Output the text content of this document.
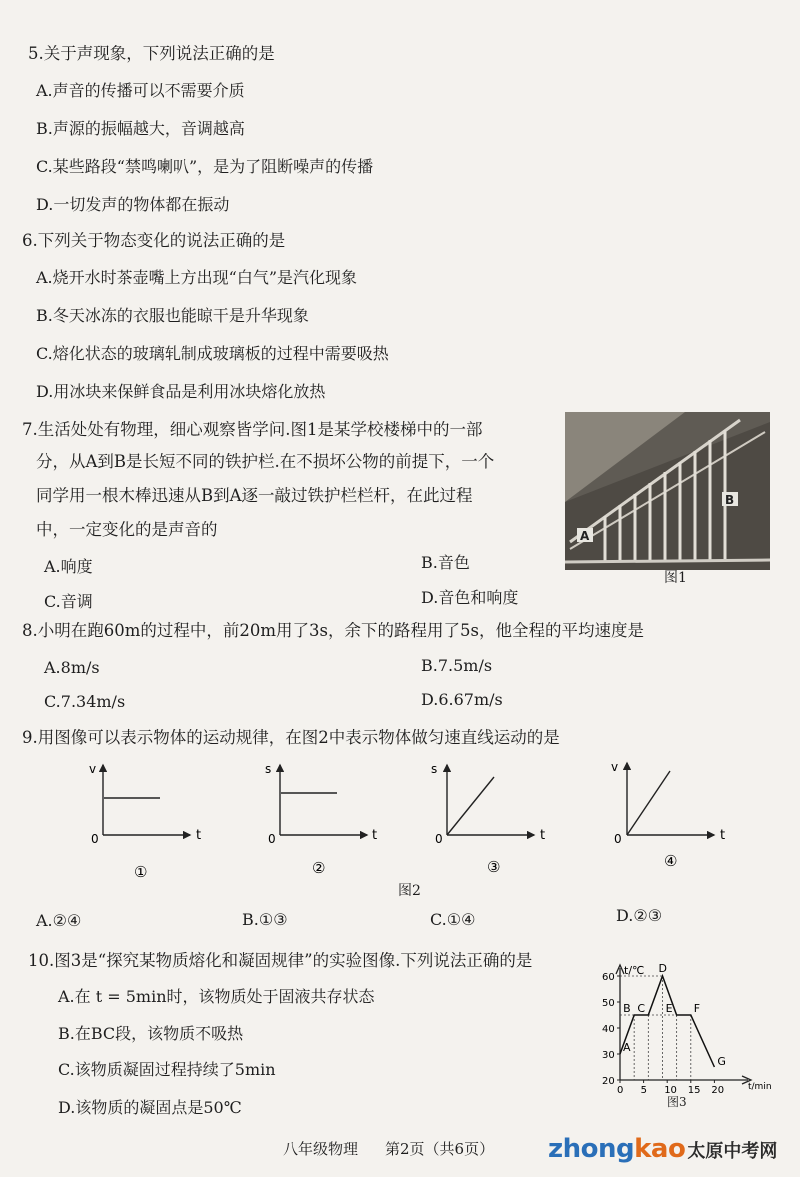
5.关于声现象，下列说法正确的是
A.声音的传播可以不需要介质
B.声源的振幅越大，音调越高
C.某些路段“禁鸣喇叭”，是为了阻断噪声的传播
D.一切发声的物体都在振动
6.下列关于物态变化的说法正确的是
A.烧开水时茶壶嘴上方出现“白气”是汽化现象
B.冬天冰冻的衣服也能晾干是升华现象
C.熔化状态的玻璃轧制成玻璃板的过程中需要吸热
D.用冰块来保鲜食品是利用冰块熔化放热
7.生活处处有物理，细心观察皆学问.图1是某学校楼梯中的一部
分，从A到B是长短不同的铁护栏.在不损坏公物的前提下，一个
同学用一根木棒迅速从B到A逐一敲过铁护栏栏杆，在此过程
中，一定变化的是声音的
A.响度	B.音色
C.音调	D.音色和响度
A
B
图1
8.小明在跑60m的过程中，前20m用了3s，余下的路程用了5s，他全程的平均速度是
A.8m/s	B.7.5m/s
C.7.34m/s	D.6.67m/s
9.用图像可以表示物体的运动规律，在图2中表示物体做匀速直线运动的是
v
t
0
①
s
t
0
②
s
t
0
③
v
t
0
④
图2
A.②④	B.①③	C.①④	D.②③
10.图3是“探究某物质熔化和凝固规律”的实验图像.下列说法正确的是
A.在 t = 5min时，该物质处于固液共存状态
B.在BC段，该物质不吸热
C.该物质凝固过程持续了5min
D.该物质的凝固点是50℃
t/℃
t/min
20
30
40
50
60
0 5 10 15 20
A
B C
D
E F
G
图3
八年级物理 第2页（共6页） zhongkao 太原中考网
